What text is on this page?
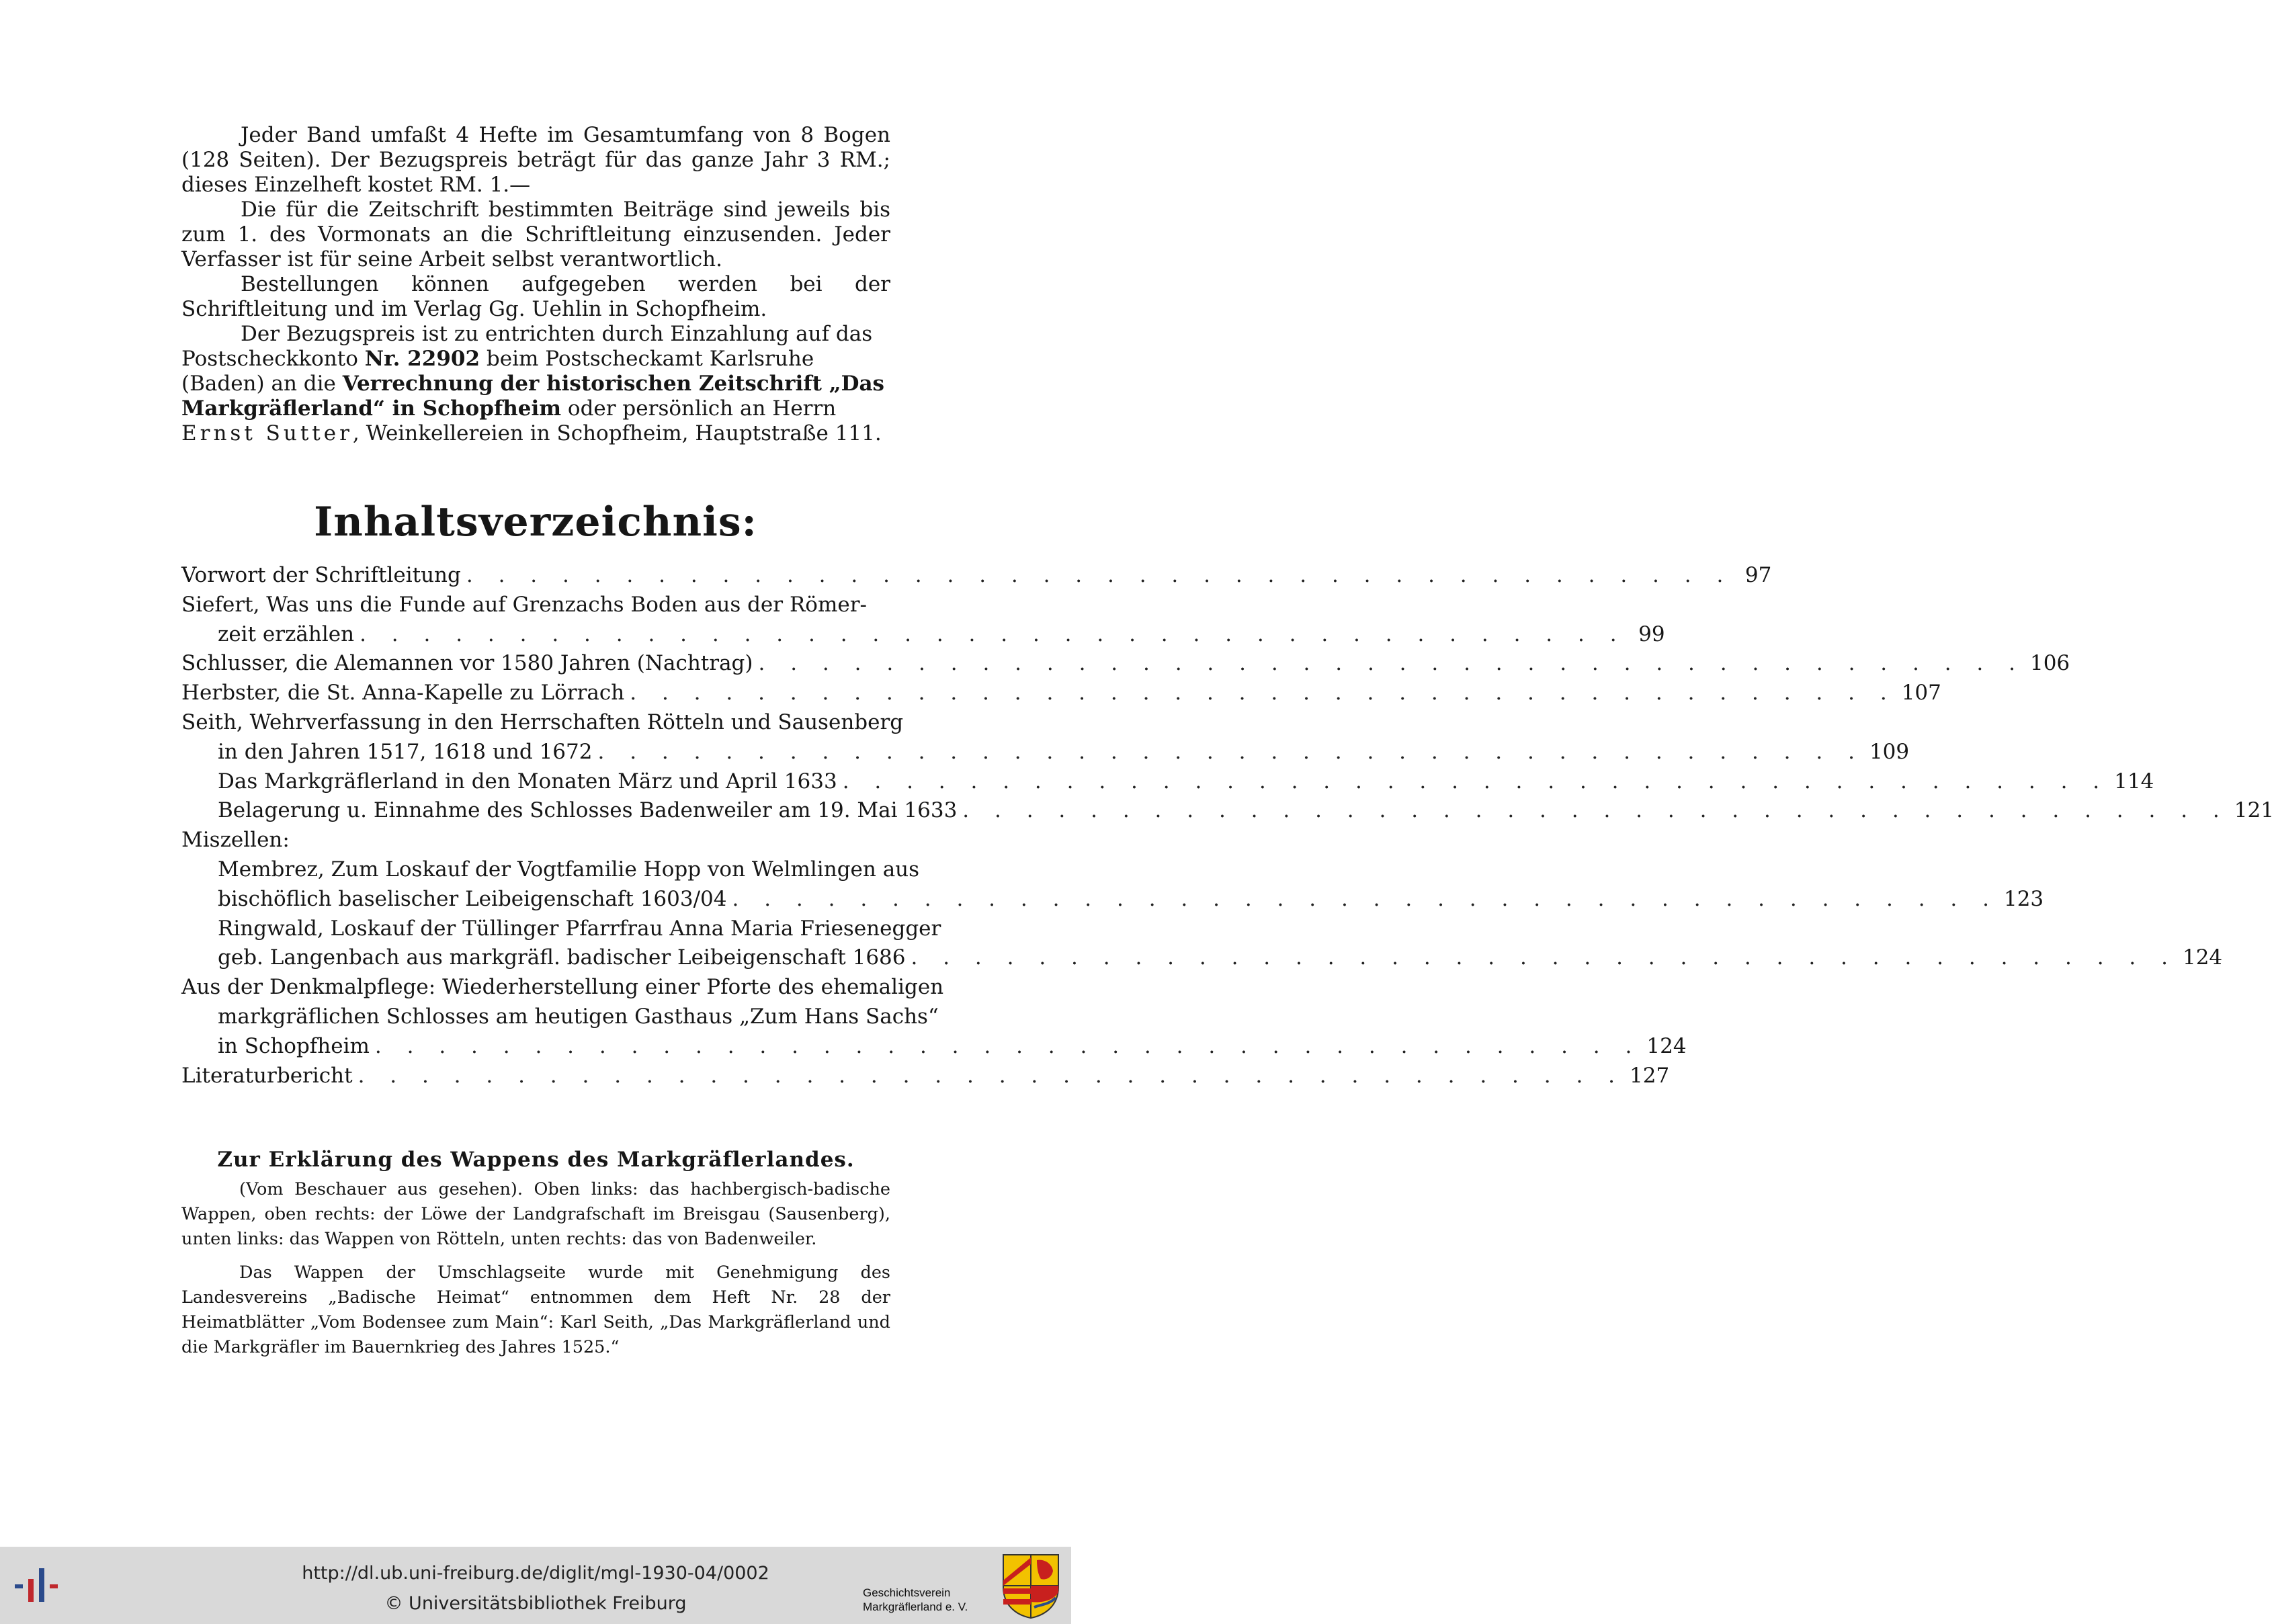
Jeder Band umfaßt 4 Hefte im Gesamtumfang von 8 Bogen (128 Seiten). Der Bezugspreis beträgt für das ganze Jahr 3 RM.; dieses Einzelheft kostet RM. 1.—

Die für die Zeitschrift bestimmten Beiträge sind jeweils bis zum 1. des Vormonats an die Schriftleitung einzusenden. Jeder Verfasser ist für seine Arbeit selbst verantwortlich.

Bestellungen können aufgegeben werden bei der Schriftleitung und im Verlag Gg. Uehlin in Schopfheim.

Der Bezugspreis ist zu entrichten durch Einzahlung auf das Postscheckkonto Nr. 22902 beim Postscheckamt Karlsruhe (Baden) an die Verrechnung der historischen Zeitschrift „Das Markgräflerland“ in Schopfheim oder persönlich an Herrn Ernst Sutter, Weinkellereien in Schopfheim, Hauptstraße 111.

Inhaltsverzeichnis:
Vorwort der Schriftleitung . . . . . . . . . . . . . . . . . . . . . . . . . . . . . . . . . . . . . . . . 97
Siefert, Was uns die Funde auf Grenzachs Boden aus der Römer-
zeit erzählen . . . . . . . . . . . . . . . . . . . . . . . . . . . . . . . . . . . . . . . . 99
Schlusser, die Alemannen vor 1580 Jahren (Nachtrag) . . . . . . . . . . . . . . . . . . . . . . . . . . . . . . . . . . . . . . . . 106
Herbster, die St. Anna-Kapelle zu Lörrach . . . . . . . . . . . . . . . . . . . . . . . . . . . . . . . . . . . . . . . . 107
Seith, Wehrverfassung in den Herrschaften Rötteln und Sausenberg
in den Jahren 1517, 1618 und 1672 . . . . . . . . . . . . . . . . . . . . . . . . . . . . . . . . . . . . . . . . 109
Das Markgräflerland in den Monaten März und April 1633 . . . . . . . . . . . . . . . . . . . . . . . . . . . . . . . . . . . . . . . . 114
Belagerung u. Einnahme des Schlosses Badenweiler am 19. Mai 1633 . . . . . . . . . . . . . . . . . . . . . . . . . . . . . . . . . . . . . . . . 121
Miszellen:
Membrez, Zum Loskauf der Vogtfamilie Hopp von Welmlingen aus
bischöflich baselischer Leibeigenschaft 1603/04 . . . . . . . . . . . . . . . . . . . . . . . . . . . . . . . . . . . . . . . . 123
Ringwald, Loskauf der Tüllinger Pfarrfrau Anna Maria Friesenegger
geb. Langenbach aus markgräfl. badischer Leibeigenschaft 1686 . . . . . . . . . . . . . . . . . . . . . . . . . . . . . . . . . . . . . . . . 124
Aus der Denkmalpflege: Wiederherstellung einer Pforte des ehemaligen
markgräflichen Schlosses am heutigen Gasthaus „Zum Hans Sachs“
in Schopfheim . . . . . . . . . . . . . . . . . . . . . . . . . . . . . . . . . . . . . . . . 124
Literaturbericht . . . . . . . . . . . . . . . . . . . . . . . . . . . . . . . . . . . . . . . . 127
Zur Erklärung des Wappens des Markgräflerlandes.

(Vom Beschauer aus gesehen). Oben links: das hachbergisch-badische Wappen, oben rechts: der Löwe der Landgrafschaft im Breisgau (Sausenberg), unten links: das Wappen von Rötteln, unten rechts: das von Badenweiler.

Das Wappen der Umschlagseite wurde mit Genehmigung des Landesvereins „Badische Heimat“ entnommen dem Heft Nr. 28 der Heimatblätter „Vom Bodensee zum Main“: Karl Seith, „Das Markgräflerland und die Markgräfler im Bauernkrieg des Jahres 1525.“

http://dl.ub.uni-freiburg.de/diglit/mgl-1930-04/0002
© Universitätsbibliothek Freiburg
Geschichtsverein
Markgräflerland e. V.
